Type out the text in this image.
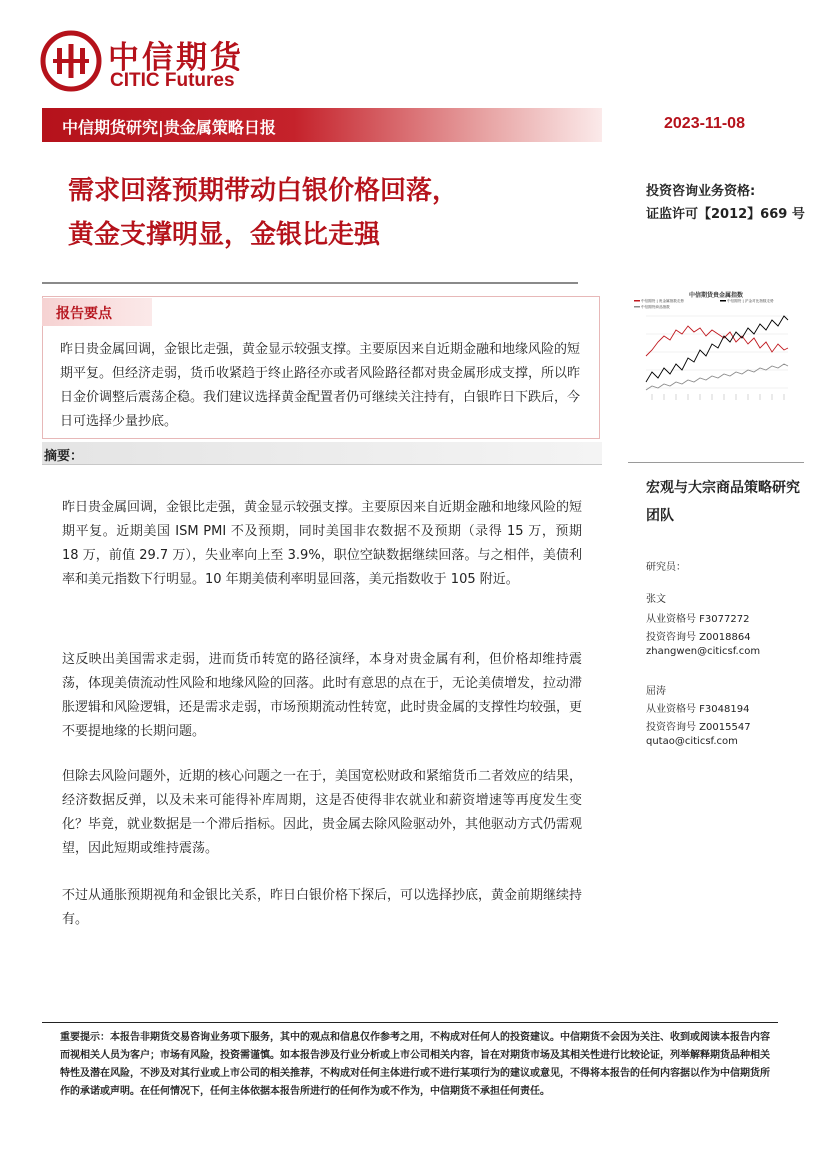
中信期货
CITIC Futures
中信期货研究|贵金属策略日报	2023-11-08
需求回落预期带动白银价格回落，
黄金支撑明显，金银比走强
投资咨询业务资格:
证监许可【2012】669 号
报告要点

昨日贵金属回调，金银比走强，黄金显示较强支撑。主要原因来自近期金融和地缘风险的短期平复。但经济走弱，货币收紧趋于终止路径亦或者风险路径都对贵金属形成支撑，所以昨日金价调整后震荡企稳。我们建议选择黄金配置者仍可继续关注持有，白银昨日下跌后，今日可选择少量抄底。

中信期货贵金属指数
中信期货 | 贵金属指数走势	中信期货 | 沪金对比指数走势
中信期货商品指数
摘要：

昨日贵金属回调，金银比走强，黄金显示较强支撑。主要原因来自近期金融和地缘风险的短期平复。近期美国 ISM PMI 不及预期，同时美国非农数据不及预期（录得 15 万，预期 18 万，前值 29.7 万），失业率向上至 3.9%，职位空缺数据继续回落。与之相伴，美债利率和美元指数下行明显。10 年期美债利率明显回落，美元指数收于 105 附近。

这反映出美国需求走弱，进而货币转宽的路径演绎，本身对贵金属有利，但价格却维持震荡，体现美债流动性风险和地缘风险的回落。此时有意思的点在于，无论美债增发，拉动滞胀逻辑和风险逻辑，还是需求走弱，市场预期流动性转宽，此时贵金属的支撑性均较强，更不要提地缘的长期问题。

但除去风险问题外，近期的核心问题之一在于，美国宽松财政和紧缩货币二者效应的结果，经济数据反弹，以及未来可能得补库周期，这是否使得非农就业和薪资增速等再度发生变化？毕竟，就业数据是一个滞后指标。因此，贵金属去除风险驱动外，其他驱动方式仍需观望，因此短期或维持震荡。

不过从通胀预期视角和金银比关系，昨日白银价格下探后，可以选择抄底，黄金前期继续持有。

宏观与大宗商品策略研究团队

研究员：
张文
从业资格号 F3077272
投资咨询号 Z0018864
zhangwen@citicsf.com
屈涛
从业资格号 F3048194
投资咨询号 Z0015547
qutao@citicsf.com

重要提示：本报告非期货交易咨询业务项下服务，其中的观点和信息仅作参考之用，不构成对任何人的投资建议。中信期货不会因为关注、收到或阅读本报告内容而视相关人员为客户；市场有风险，投资需谨慎。如本报告涉及行业分析或上市公司相关内容，旨在对期货市场及其相关性进行比较论证，列举解释期货品种相关特性及潜在风险，不涉及对其行业或上市公司的相关推荐，不构成对任何主体进行或不进行某项行为的建议或意见，不得将本报告的任何内容据以作为中信期货所作的承诺或声明。在任何情况下，任何主体依据本报告所进行的任何作为或不作为，中信期货不承担任何责任。
